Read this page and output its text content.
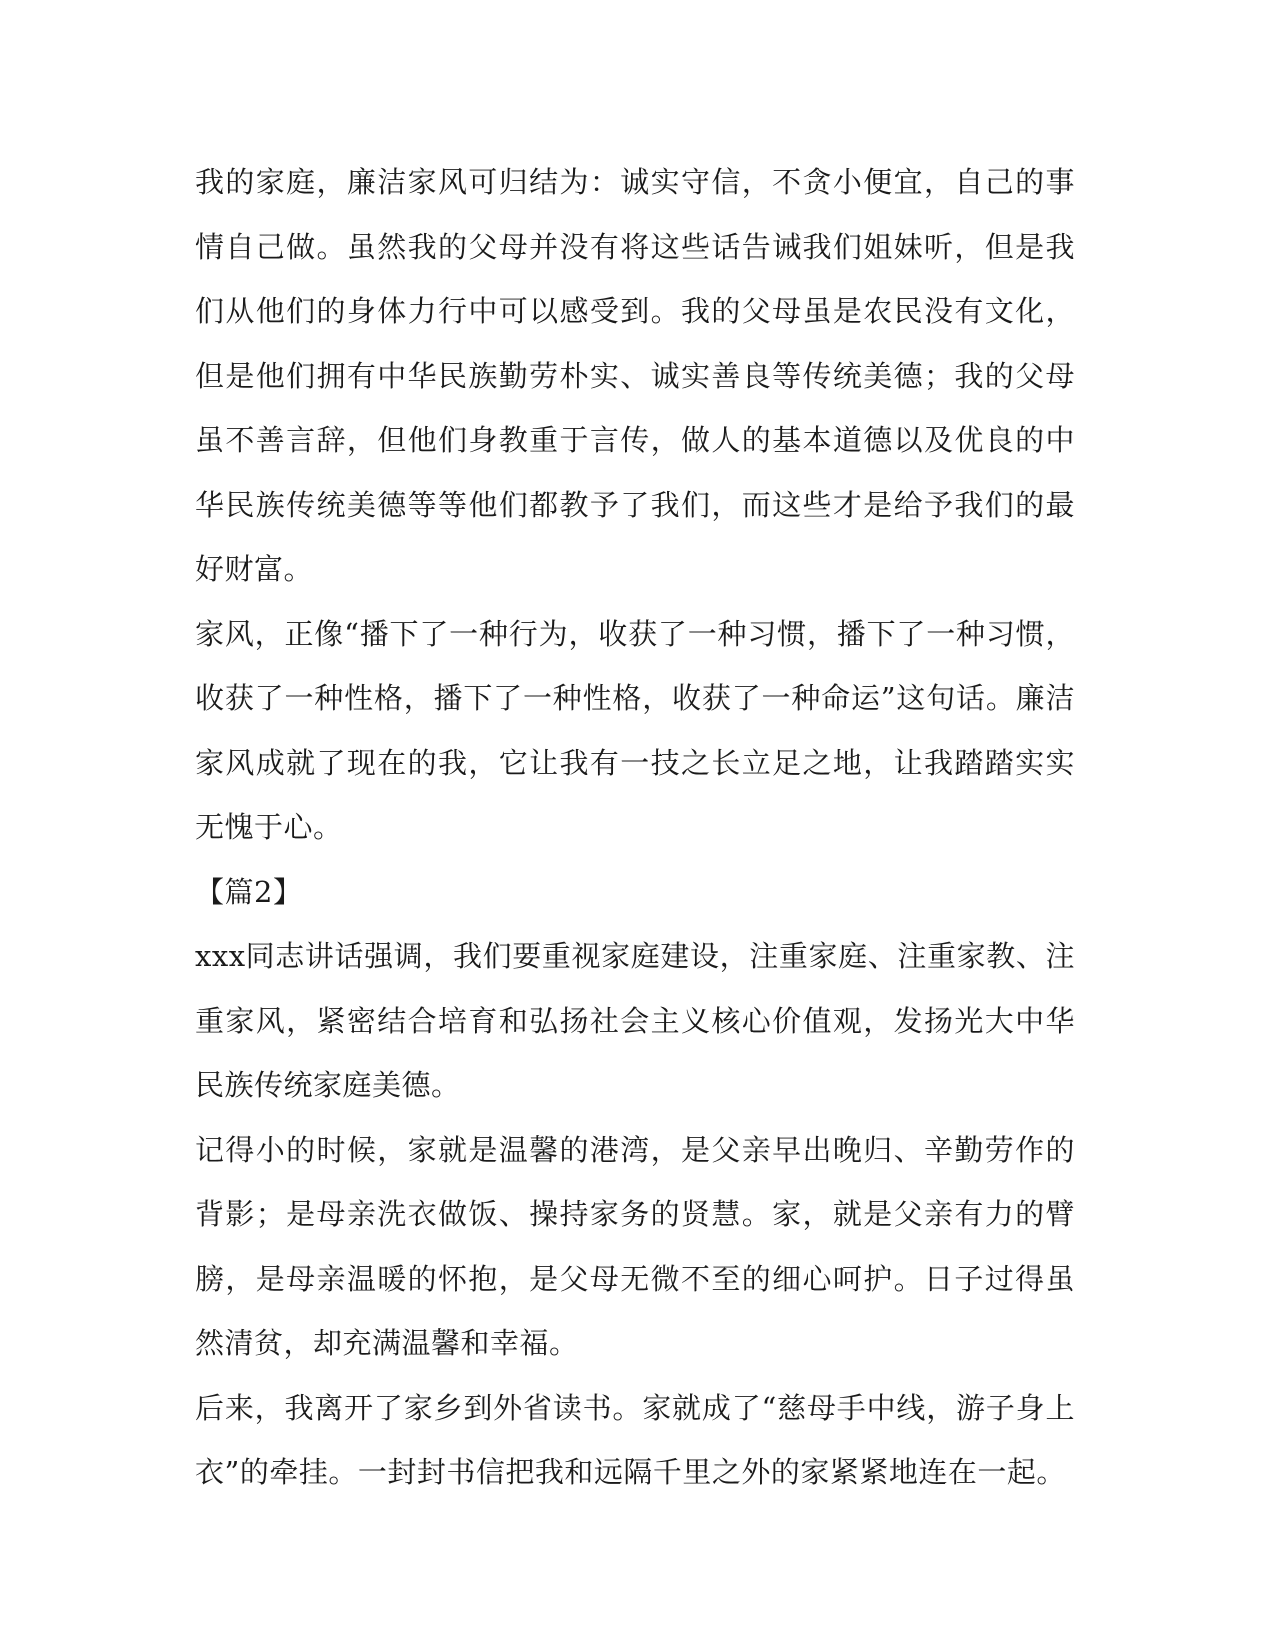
我的家庭，廉洁家风可归结为：诚实守信，不贪小便宜，自己的事情自己做。虽然我的父母并没有将这些话告诫我们姐妹听，但是我们从他们的身体力行中可以感受到。我的父母虽是农民没有文化，但是他们拥有中华民族勤劳朴实、诚实善良等传统美德；我的父母虽不善言辞，但他们身教重于言传，做人的基本道德以及优良的中华民族传统美德等等他们都教予了我们，而这些才是给予我们的最好财富。

家风，正像“播下了一种行为，收获了一种习惯，播下了一种习惯，收获了一种性格，播下了一种性格，收获了一种命运”这句话。廉洁家风成就了现在的我，它让我有一技之长立足之地，让我踏踏实实无愧于心。

【篇2】

xxx同志讲话强调，我们要重视家庭建设，注重家庭、注重家教、注重家风，紧密结合培育和弘扬社会主义核心价值观，发扬光大中华民族传统家庭美德。

记得小的时候，家就是温馨的港湾，是父亲早出晚归、辛勤劳作的背影；是母亲洗衣做饭、操持家务的贤慧。家，就是父亲有力的臂膀，是母亲温暖的怀抱，是父母无微不至的细心呵护。日子过得虽然清贫，却充满温馨和幸福。

后来，我离开了家乡到外省读书。家就成了“慈母手中线，游子身上衣”的牵挂。一封封书信把我和远隔千里之外的家紧紧地连在一起。
